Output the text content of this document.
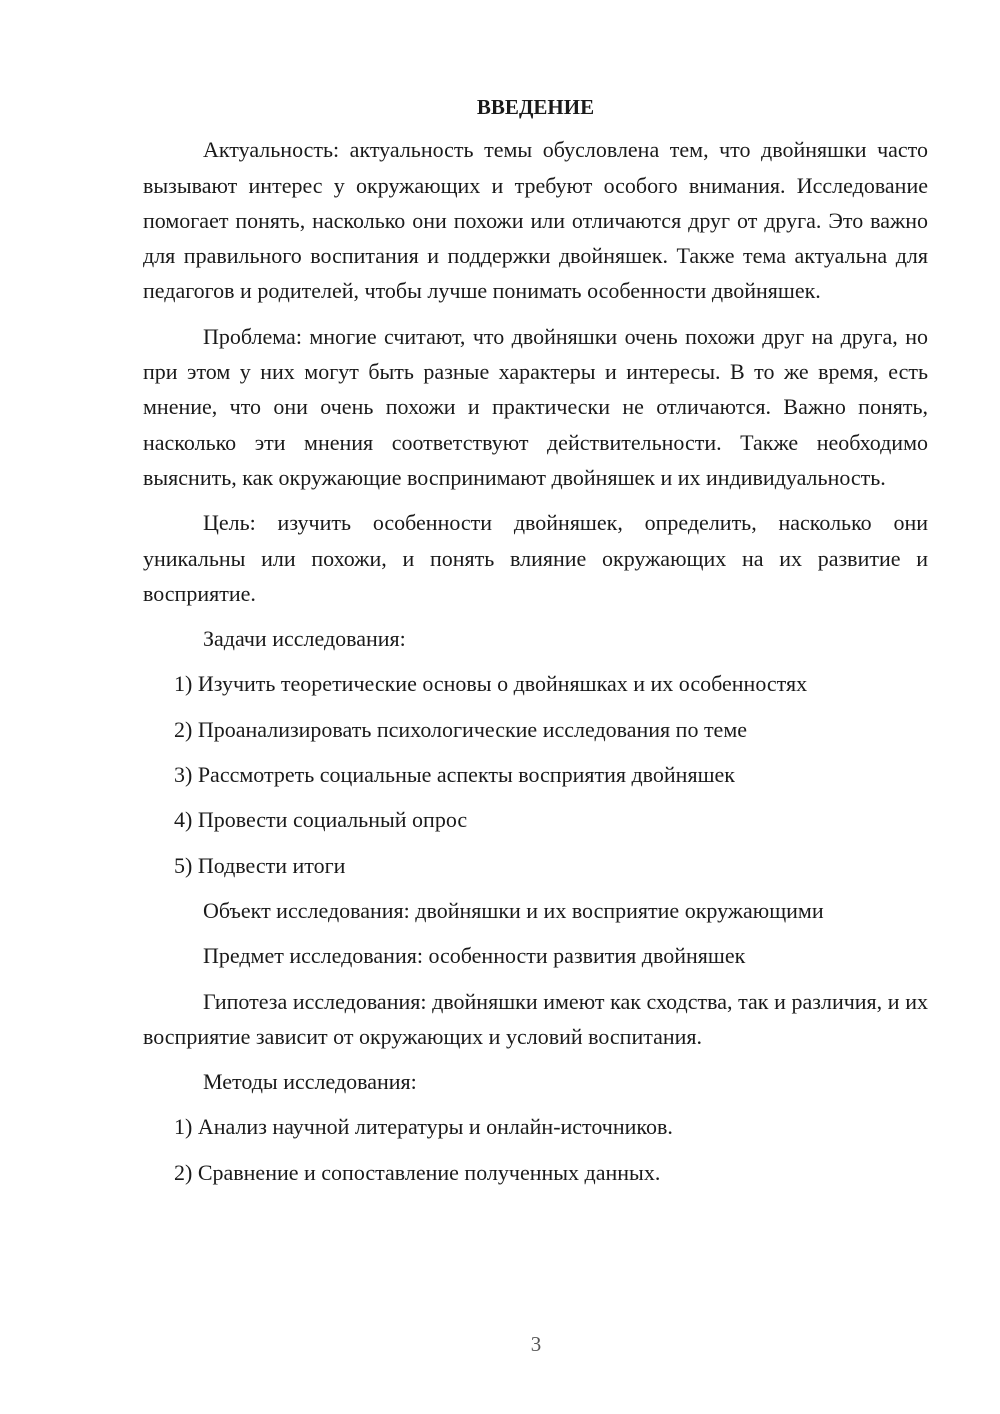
ВВЕДЕНИЕ

Актуальность: актуальность темы обусловлена тем, что двойняшки часто вызывают интерес у окружающих и требуют особого внимания. Исследование помогает понять, насколько они похожи или отличаются друг от друга. Это важно для правильного воспитания и поддержки двойняшек. Также тема актуальна для педагогов и родителей, чтобы лучше понимать особенности двойняшек.

Проблема: многие считают, что двойняшки очень похожи друг на друга, но при этом у них могут быть разные характеры и интересы. В то же время, есть мнение, что они очень похожи и практически не отличаются. Важно понять, насколько эти мнения соответствуют действительности. Также необходимо выяснить, как окружающие воспринимают двойняшек и их индивидуальность.

Цель: изучить особенности двойняшек, определить, насколько они уникальны или похожи, и понять влияние окружающих на их развитие и восприятие.

Задачи исследования:

1) Изучить теоретические основы о двойняшках и их особенностях

2) Проанализировать психологические исследования по теме

3) Рассмотреть социальные аспекты восприятия двойняшек

4) Провести социальный опрос

5) Подвести итоги

Объект исследования: двойняшки и их восприятие окружающими

Предмет исследования: особенности развития двойняшек

Гипотеза исследования: двойняшки имеют как сходства, так и различия, и их восприятие зависит от окружающих и условий воспитания.

Методы исследования:

1) Анализ научной литературы и онлайн-источников.

2) Сравнение и сопоставление полученных данных.

3
